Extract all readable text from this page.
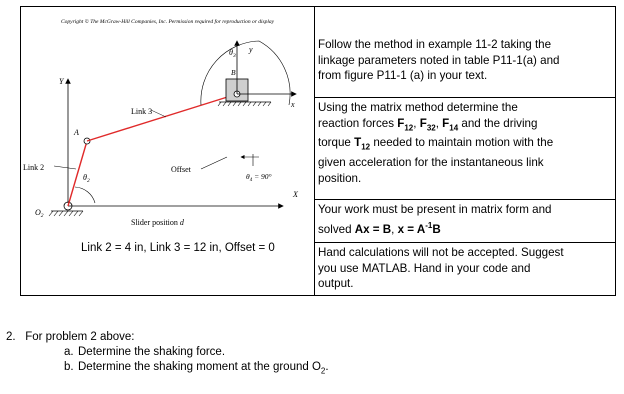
Copyright © The McGraw-Hill Companies, Inc. Permission required for reproduction or display
Y
$\theta_3$
y
B
x
Link 3
A
Offset
Link 2
$\theta_2$	$\theta_4 = 90^\circ$
X
$O_2$
Slider position d
Link 2 = 4 in, Link 3 = 12 in, Offset = 0
Follow the method in example 11-2 taking the
linkage parameters noted in table P11-1(a) and
from figure P11-1 (a) in your text.
Using the matrix method determine the
reaction forces $F_{12}$, $F_{32}$, $F_{14}$ and the driving
torque $T_{12}$ needed to maintain motion with the
given acceleration for the instantaneous link
position.
Your work must be present in matrix form and
solved Ax = B, $x = A^{-1}B$
Hand calculations will not be accepted. Suggest
you use MATLAB. Hand in your code and
output.
2. For problem 2 above:
a. Determine the shaking force.
b. Determine the shaking moment at the ground $O_2$.
